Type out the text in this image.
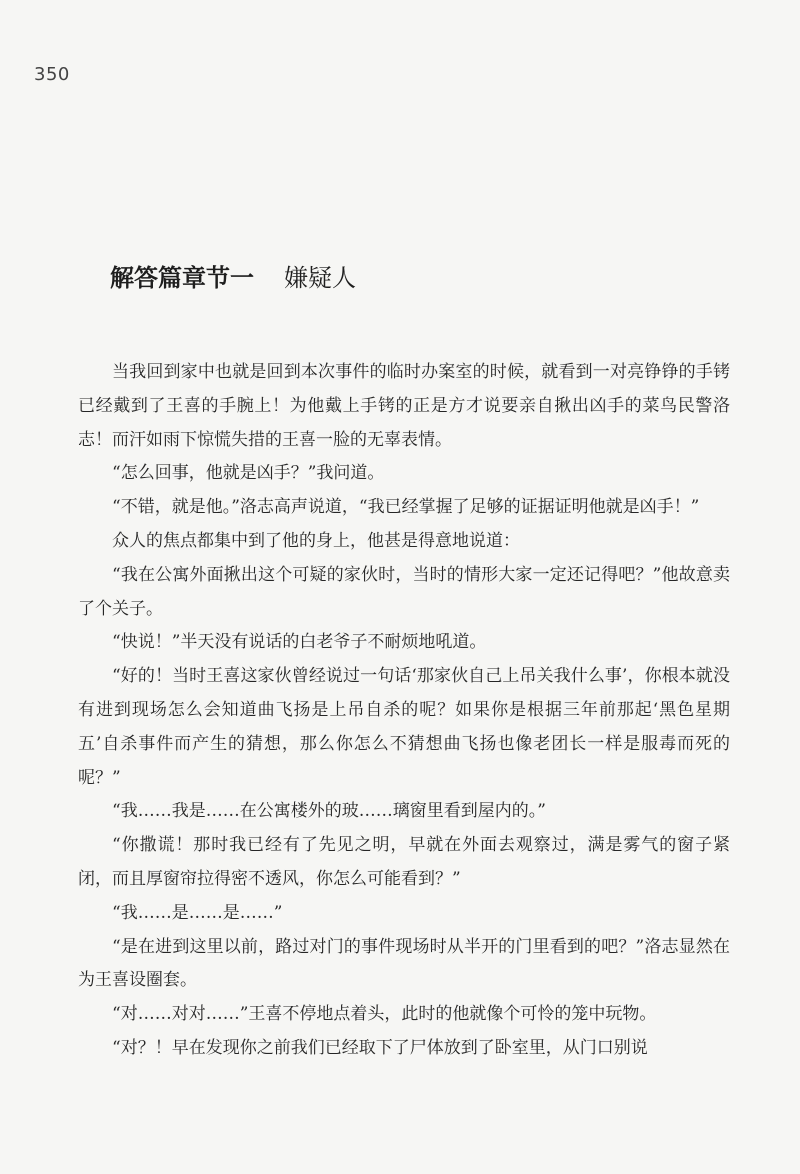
350
解答篇章节一 嫌疑人

当我回到家中也就是回到本次事件的临时办案室的时候，就看到一对亮铮铮的手铐已经戴到了王喜的手腕上！为他戴上手铐的正是方才说要亲自揪出凶手的菜鸟民警洛志！而汗如雨下惊慌失措的王喜一脸的无辜表情。

“怎么回事，他就是凶手？”我问道。

“不错，就是他。”洛志高声说道，“我已经掌握了足够的证据证明他就是凶手！”

众人的焦点都集中到了他的身上，他甚是得意地说道：

“我在公寓外面揪出这个可疑的家伙时，当时的情形大家一定还记得吧？”他故意卖了个关子。

“快说！”半天没有说话的白老爷子不耐烦地吼道。

“好的！当时王喜这家伙曾经说过一句话‘那家伙自己上吊关我什么事’，你根本就没有进到现场怎么会知道曲飞扬是上吊自杀的呢？如果你是根据三年前那起‘黑色星期五’自杀事件而产生的猜想，那么你怎么不猜想曲飞扬也像老团长一样是服毒而死的呢？”

“我……我是……在公寓楼外的玻……璃窗里看到屋内的。”

“你撒谎！那时我已经有了先见之明，早就在外面去观察过，满是雾气的窗子紧闭，而且厚窗帘拉得密不透风，你怎么可能看到？”

“我……是……是……”

“是在进到这里以前，路过对门的事件现场时从半开的门里看到的吧？”洛志显然在为王喜设圈套。

“对……对对……”王喜不停地点着头，此时的他就像个可怜的笼中玩物。

“对？！早在发现你之前我们已经取下了尸体放到了卧室里，从门口别说
